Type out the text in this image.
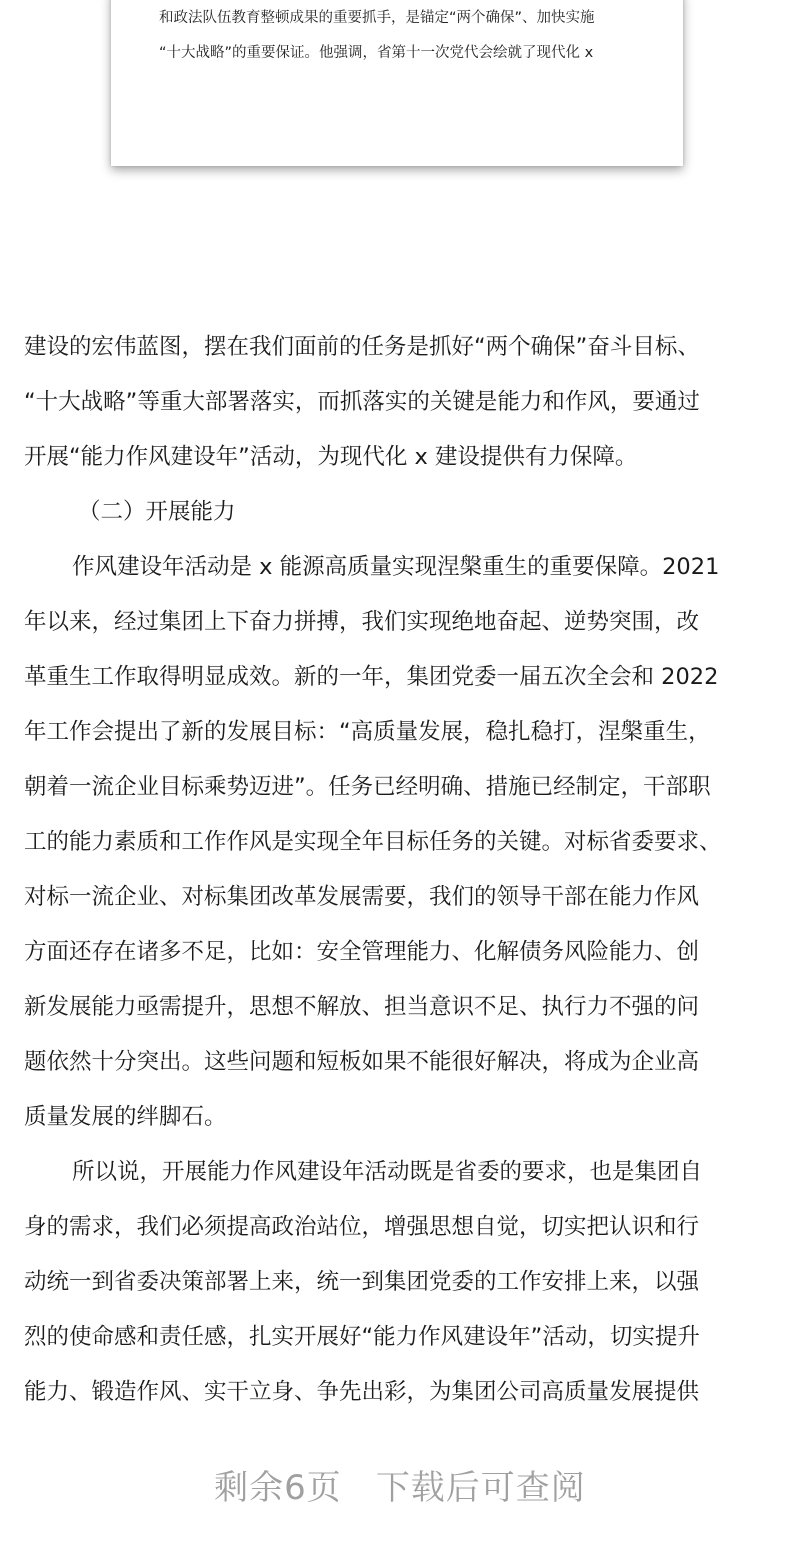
和政法队伍教育整顿成果的重要抓手，是锚定“两个确保”、加快实施
“十大战略”的重要保证。他强调，省第十一次党代会绘就了现代化 x
建设的宏伟蓝图，摆在我们面前的任务是抓好“两个确保”奋斗目标、
“十大战略”等重大部署落实，而抓落实的关键是能力和作风，要通过
开展“能力作风建设年”活动，为现代化 x 建设提供有力保障。
（二）开展能力
作风建设年活动是 x 能源高质量实现涅槃重生的重要保障。2021
年以来，经过集团上下奋力拼搏，我们实现绝地奋起、逆势突围，改
革重生工作取得明显成效。新的一年，集团党委一届五次全会和 2022
年工作会提出了新的发展目标：“高质量发展，稳扎稳打，涅槃重生，
朝着一流企业目标乘势迈进”。任务已经明确、措施已经制定，干部职
工的能力素质和工作作风是实现全年目标任务的关键。对标省委要求、
对标一流企业、对标集团改革发展需要，我们的领导干部在能力作风
方面还存在诸多不足，比如：安全管理能力、化解债务风险能力、创
新发展能力亟需提升，思想不解放、担当意识不足、执行力不强的问
题依然十分突出。这些问题和短板如果不能很好解决，将成为企业高
质量发展的绊脚石。
所以说，开展能力作风建设年活动既是省委的要求，也是集团自
身的需求，我们必须提高政治站位，增强思想自觉，切实把认识和行
动统一到省委决策部署上来，统一到集团党委的工作安排上来，以强
烈的使命感和责任感，扎实开展好“能力作风建设年”活动，切实提升
能力、锻造作风、实干立身、争先出彩，为集团公司高质量发展提供
剩余6页 下载后可查阅
